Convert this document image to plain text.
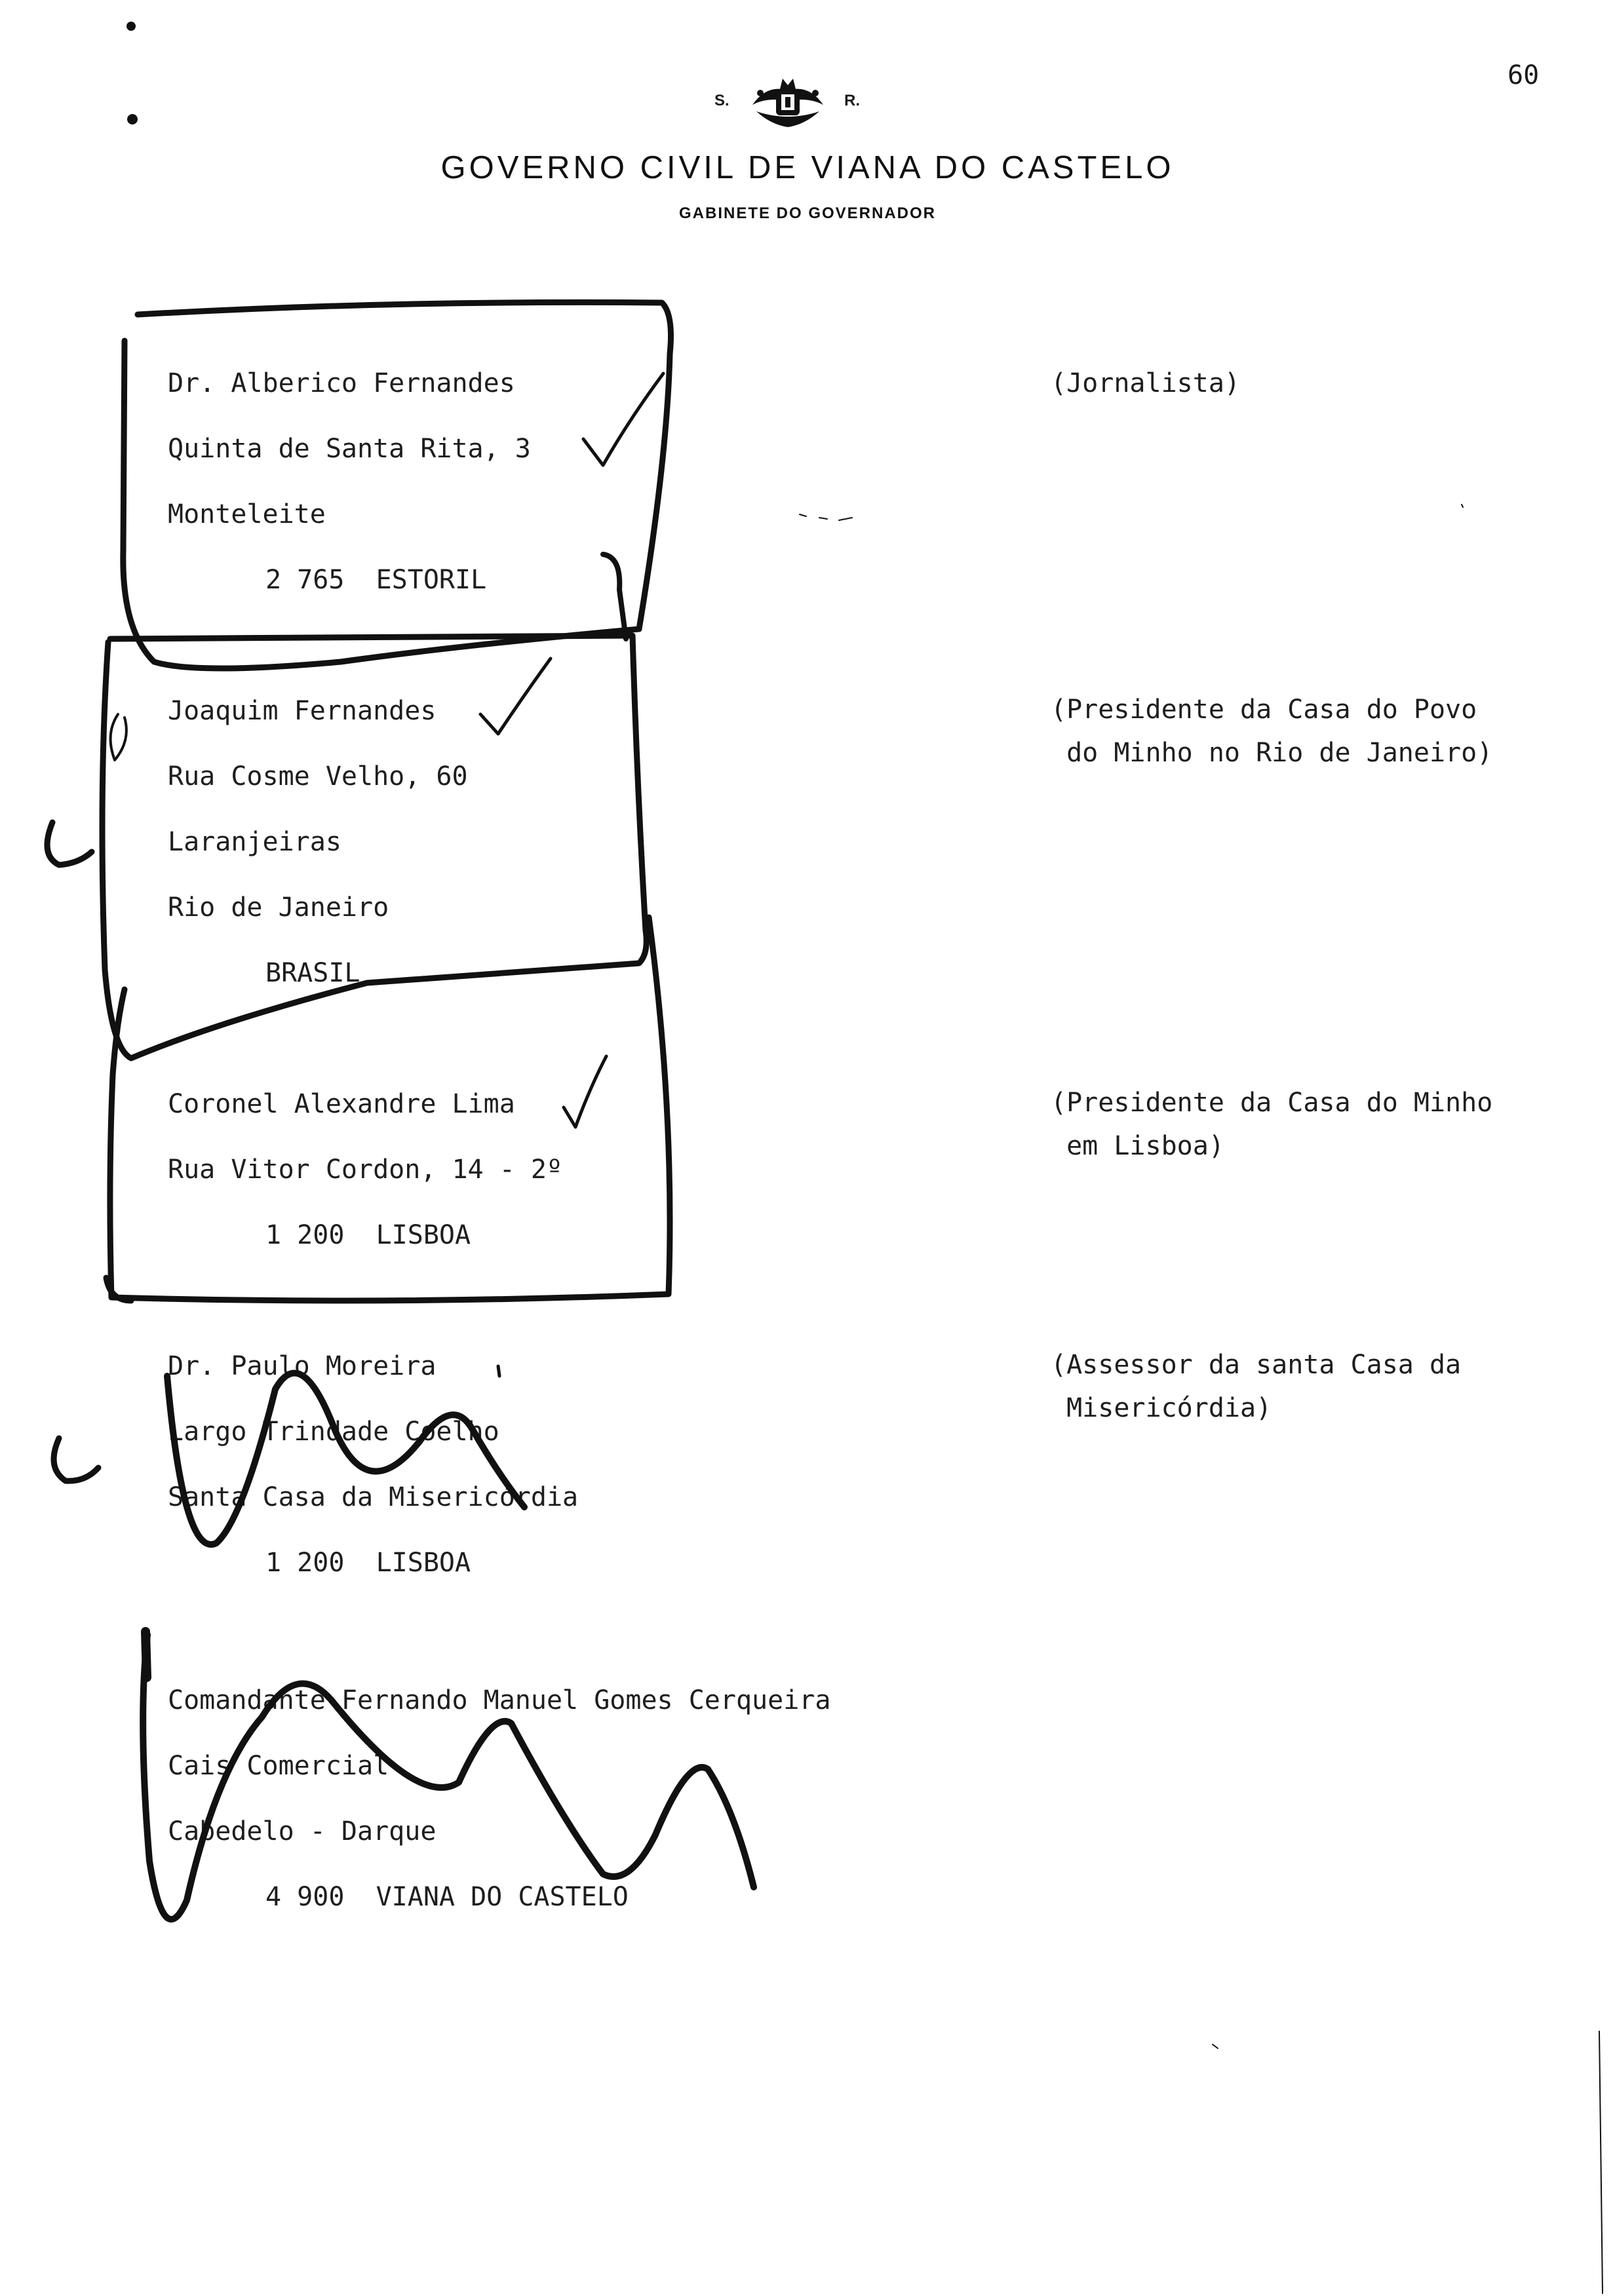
60
S.	R.
GOVERNO CIVIL DE VIANA DO CASTELO
GABINETE DO GOVERNADOR
Dr. Alberico Fernandes
Quinta de Santa Rita, 3
Monteleite
2 765  ESTORIL
(Jornalista)
Joaquim Fernandes
Rua Cosme Velho, 60
Laranjeiras
Rio de Janeiro
BRASIL
(Presidente da Casa do Povo
do Minho no Rio de Janeiro)
Coronel Alexandre Lima
Rua Vitor Cordon, 14 - 2º
1 200  LISBOA
(Presidente da Casa do Minho
em Lisboa)
Dr. Paulo Moreira
Largo Trindade Coelho
Santa Casa da Misericórdia
1 200  LISBOA
(Assessor da santa Casa da
Misericórdia)
Comandante Fernando Manuel Gomes Cerqueira
Cais Comercial
Cabedelo - Darque
4 900  VIANA DO CASTELO
